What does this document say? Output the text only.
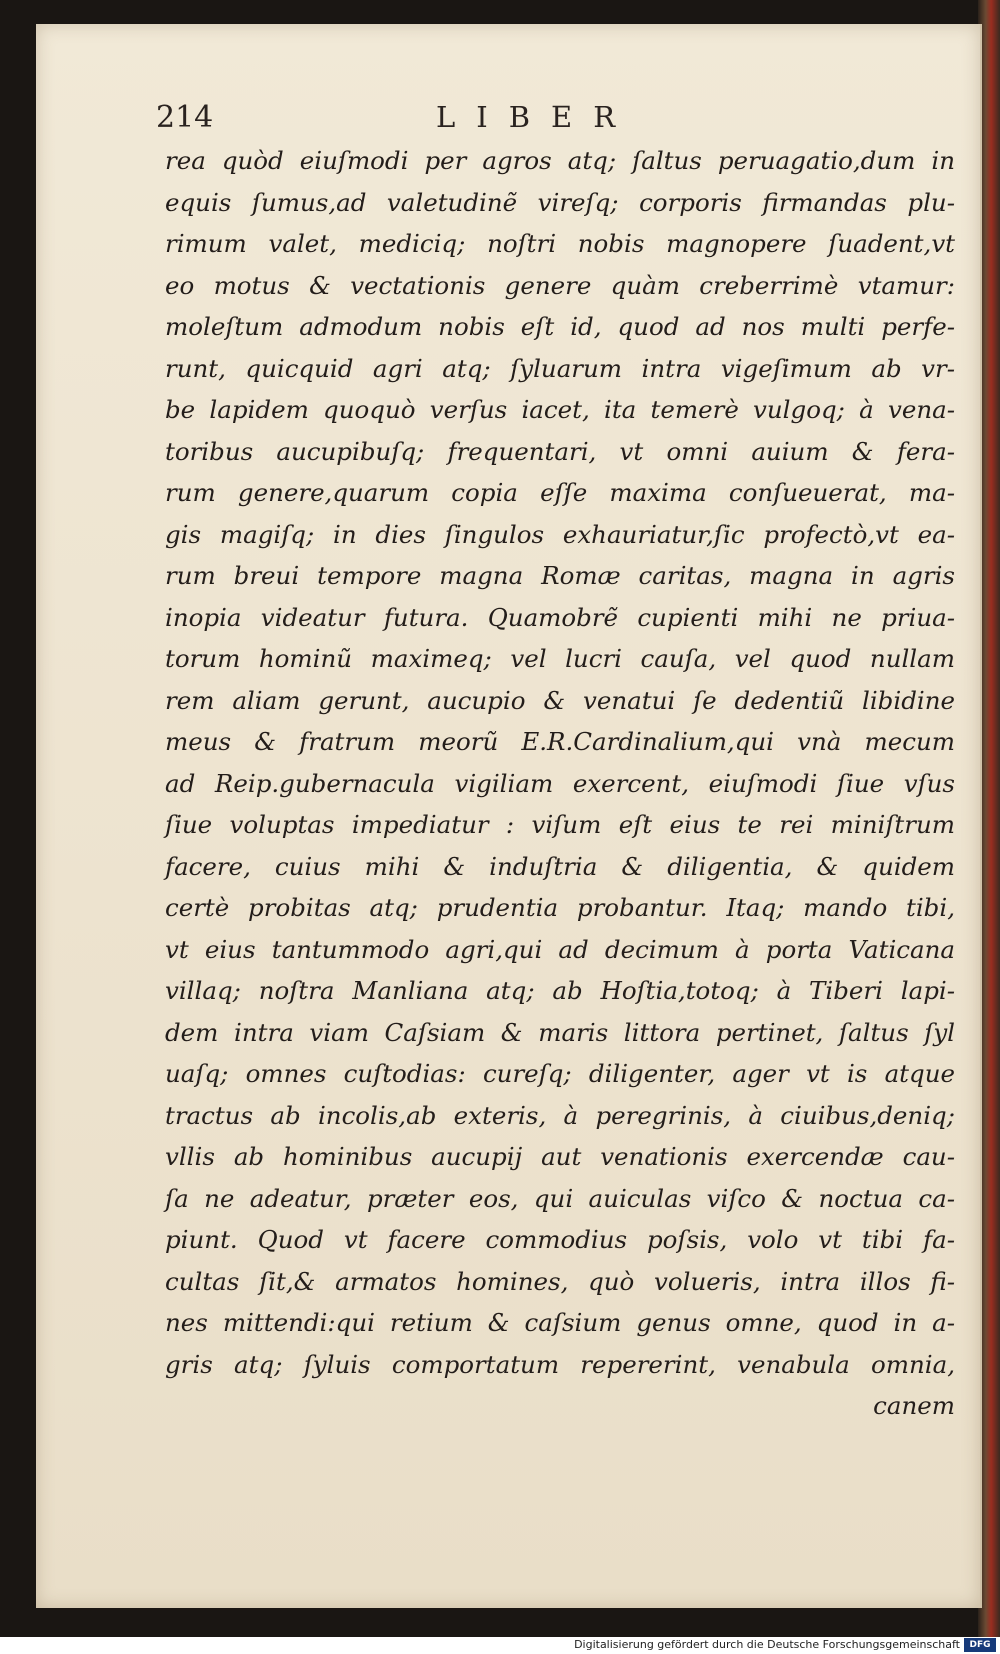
214	LIBER
rea quòd eiuſmodi per agros atq; ſaltus peruagatio,dum in
equis ſumus,ad valetudinẽ vireſq; corporis firmandas plu-
rimum valet, mediciq; noſtri nobis magnopere ſuadent,vt
eo motus & vectationis genere quàm creberrimè vtamur:
moleſtum admodum nobis eſt id, quod ad nos multi perfe-
runt, quicquid agri atq; ſyluarum intra vigeſimum ab vr-
be lapidem quoquò verſus iacet, ita temerè vulgoq; à vena-
toribus aucupibuſq; frequentari, vt omni auium & fera-
rum genere,quarum copia eſſe maxima conſueuerat, ma-
gis magiſq; in dies ſingulos exhauriatur,ſic profectò,vt ea-
rum breui tempore magna Romæ caritas, magna in agris
inopia videatur futura. Quamobrẽ cupienti mihi ne priua-
torum hominũ maximeq; vel lucri cauſa, vel quod nullam
rem aliam gerunt, aucupio & venatui ſe dedentiũ libidine
meus & fratrum meorũ E.R.Cardinalium,qui vnà mecum
ad Reip.gubernacula vigiliam exercent, eiuſmodi ſiue vſus
ſiue voluptas impediatur : viſum eſt eius te rei miniſtrum
facere, cuius mihi & induſtria & diligentia, & quidem
certè probitas atq; prudentia probantur. Itaq; mando tibi,
vt eius tantummodo agri,qui ad decimum à porta Vaticana
villaq; noſtra Manliana atq; ab Hoſtia,totoq; à Tiberi lapi-
dem intra viam Caſsiam & maris littora pertinet, ſaltus ſyl
uaſq; omnes cuſtodias: cureſq; diligenter, ager vt is atque
tractus ab incolis,ab exteris, à peregrinis, à ciuibus,deniq;
vllis ab hominibus aucupij aut venationis exercendæ cau-
ſa ne adeatur, præter eos, qui auiculas viſco & noctua ca-
piunt. Quod vt facere commodius poſsis, volo vt tibi fa-
cultas ſit,& armatos homines, quò volueris, intra illos fi-
nes mittendi:qui retium & caſsium genus omne, quod in a-
gris atq; ſyluis comportatum repererint, venabula omnia,
canem
Digitalisierung gefördert durch die Deutsche Forschungsgemeinschaft	DFG
